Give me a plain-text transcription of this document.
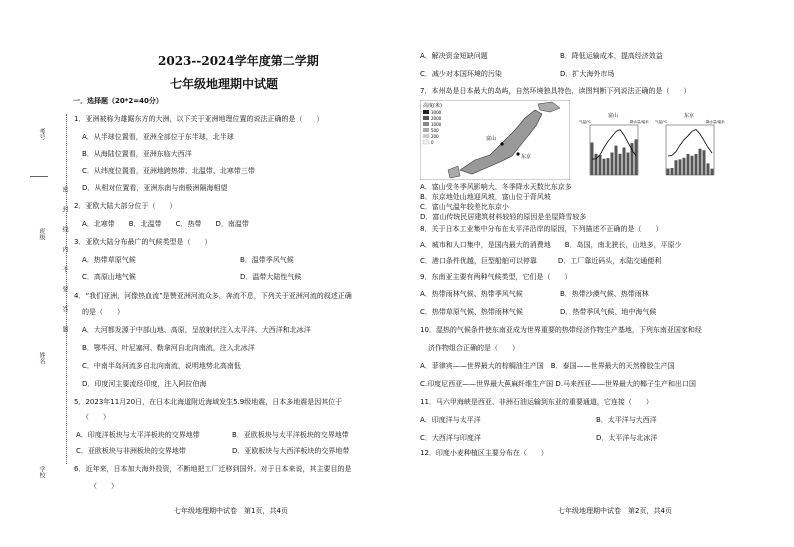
考号
班级
密
封
线
内
不
要
答
题
姓名
学校
2023--2024学年度第二学期
七年级地理期中试题
一．选择题（20*2=40分）
1．亚洲被称为雄踞东方的大洲，以下关于亚洲地理位置的说法正确的是（　　）
A．从半球位置看，亚洲全部位于东半球，北半球
B．从海陆位置看，亚洲东临大西洋
C．从纬度位置看，亚洲地跨热带、北温带、北寒带三带
D．从相对位置看，亚洲东南与南极洲隔海相望
2．亚欧大陆大部分位于（　　）
A．北寒带　　B．北温带　　C．热带　　D．南温带
3．亚欧大陆分布最广的气候类型是（　　）
A．热带草原气候	B．温带季风气候
C．高原山地气候	D．温带大陆性气候
4．“我们亚洲，河像热血流”是赞亚洲河流众多，奔流不息，下列关于亚洲河流的叙述正确
的是（　　）
A．大河都发源于中部山地、高原，呈放射状注入太平洋、大西洋和北冰洋
B．鄂毕河、叶尼塞河、勒拿河自北向南流，注入北冰洋
C．中南半岛河流多自北向南流，说明地势北高南低
D．印度河主要流经印度，注入阿拉伯海
5．2023年11月20日，在日本北海道附近海域发生5.9级地震，日本多地震是因其位于
（　　）
A．印度洋板块与太平洋板块的交界地带	B．亚欧板块与太平洋板块的交界地带
C．亚欧板块与非洲板块的交界地带	D．亚欧板块与大西洋板块的交界地带
6．近年来，日本加大海外投资，不断地把工厂迁移到国外。对于日本来说，其主要目的是
（　　）
A．解决资金短缺问题	B．降低运输成本，提高经济效益
C．减少对本国环境的污染	D．扩大海外市场
7．本州岛是日本最大的岛屿，自然环境独具特色，读图判断下列说法正确的是（　　）
高度(米)
3000
2000
1000
500
200
0
富山
东京
富山
气温/℃	降水量/毫米
东京
气温/℃	降水量/毫米
A．富山受冬季风影响大，冬季降水天数比东京多
B．东京地处山地迎风坡，富山位于背风坡
C．富山气温年较差比东京小
D．富山传统民居建筑材料较轻的原因是坐屋降雪较多
8．关于日本工业集中分布在太平洋沿岸的原因，下列描述不正确的是（　　）
A．城市和人口集中，是国内最大的消费地　　B．岛国，南北狭长，山地多，平原少
C．港口条件优越，巨型船舶可以停靠　　　D．工厂靠近码头，水陆交通便利
9．东南亚主要有两种气候类型，它们是（　　）
A．热带雨林气候、热带季风气候	B．热带沙漠气候、热带雨林
C．热带草原气候、热带雨林气候	D．热带季风气候、地中海气候
10．湿热的气候条件使东南亚成为世界重要的热带经济作物生产基地，下列东南亚国家和经
济作物组合正确的是（　　）
A．菲律宾——世界最大的棕榈油生产国　B．泰国——世界最大的天然橡胶生产国
C.印度尼西亚——世界最大蕉麻纤维生产国 D.马来西亚——世界最大的椰子生产和出口国
11．马六甲海峡是西亚、非洲石油运输到东亚的重要通道，它连接（　　）
A．印度洋与太平洋	B．太平洋与大西洋
C．大西洋与印度洋	D．太平洋与北冰洋
12．印度小麦种植区主要分布在（　　）
七年级地理期中试卷　第1页，共4页	七年级地理期中试卷　第2页，共4页
